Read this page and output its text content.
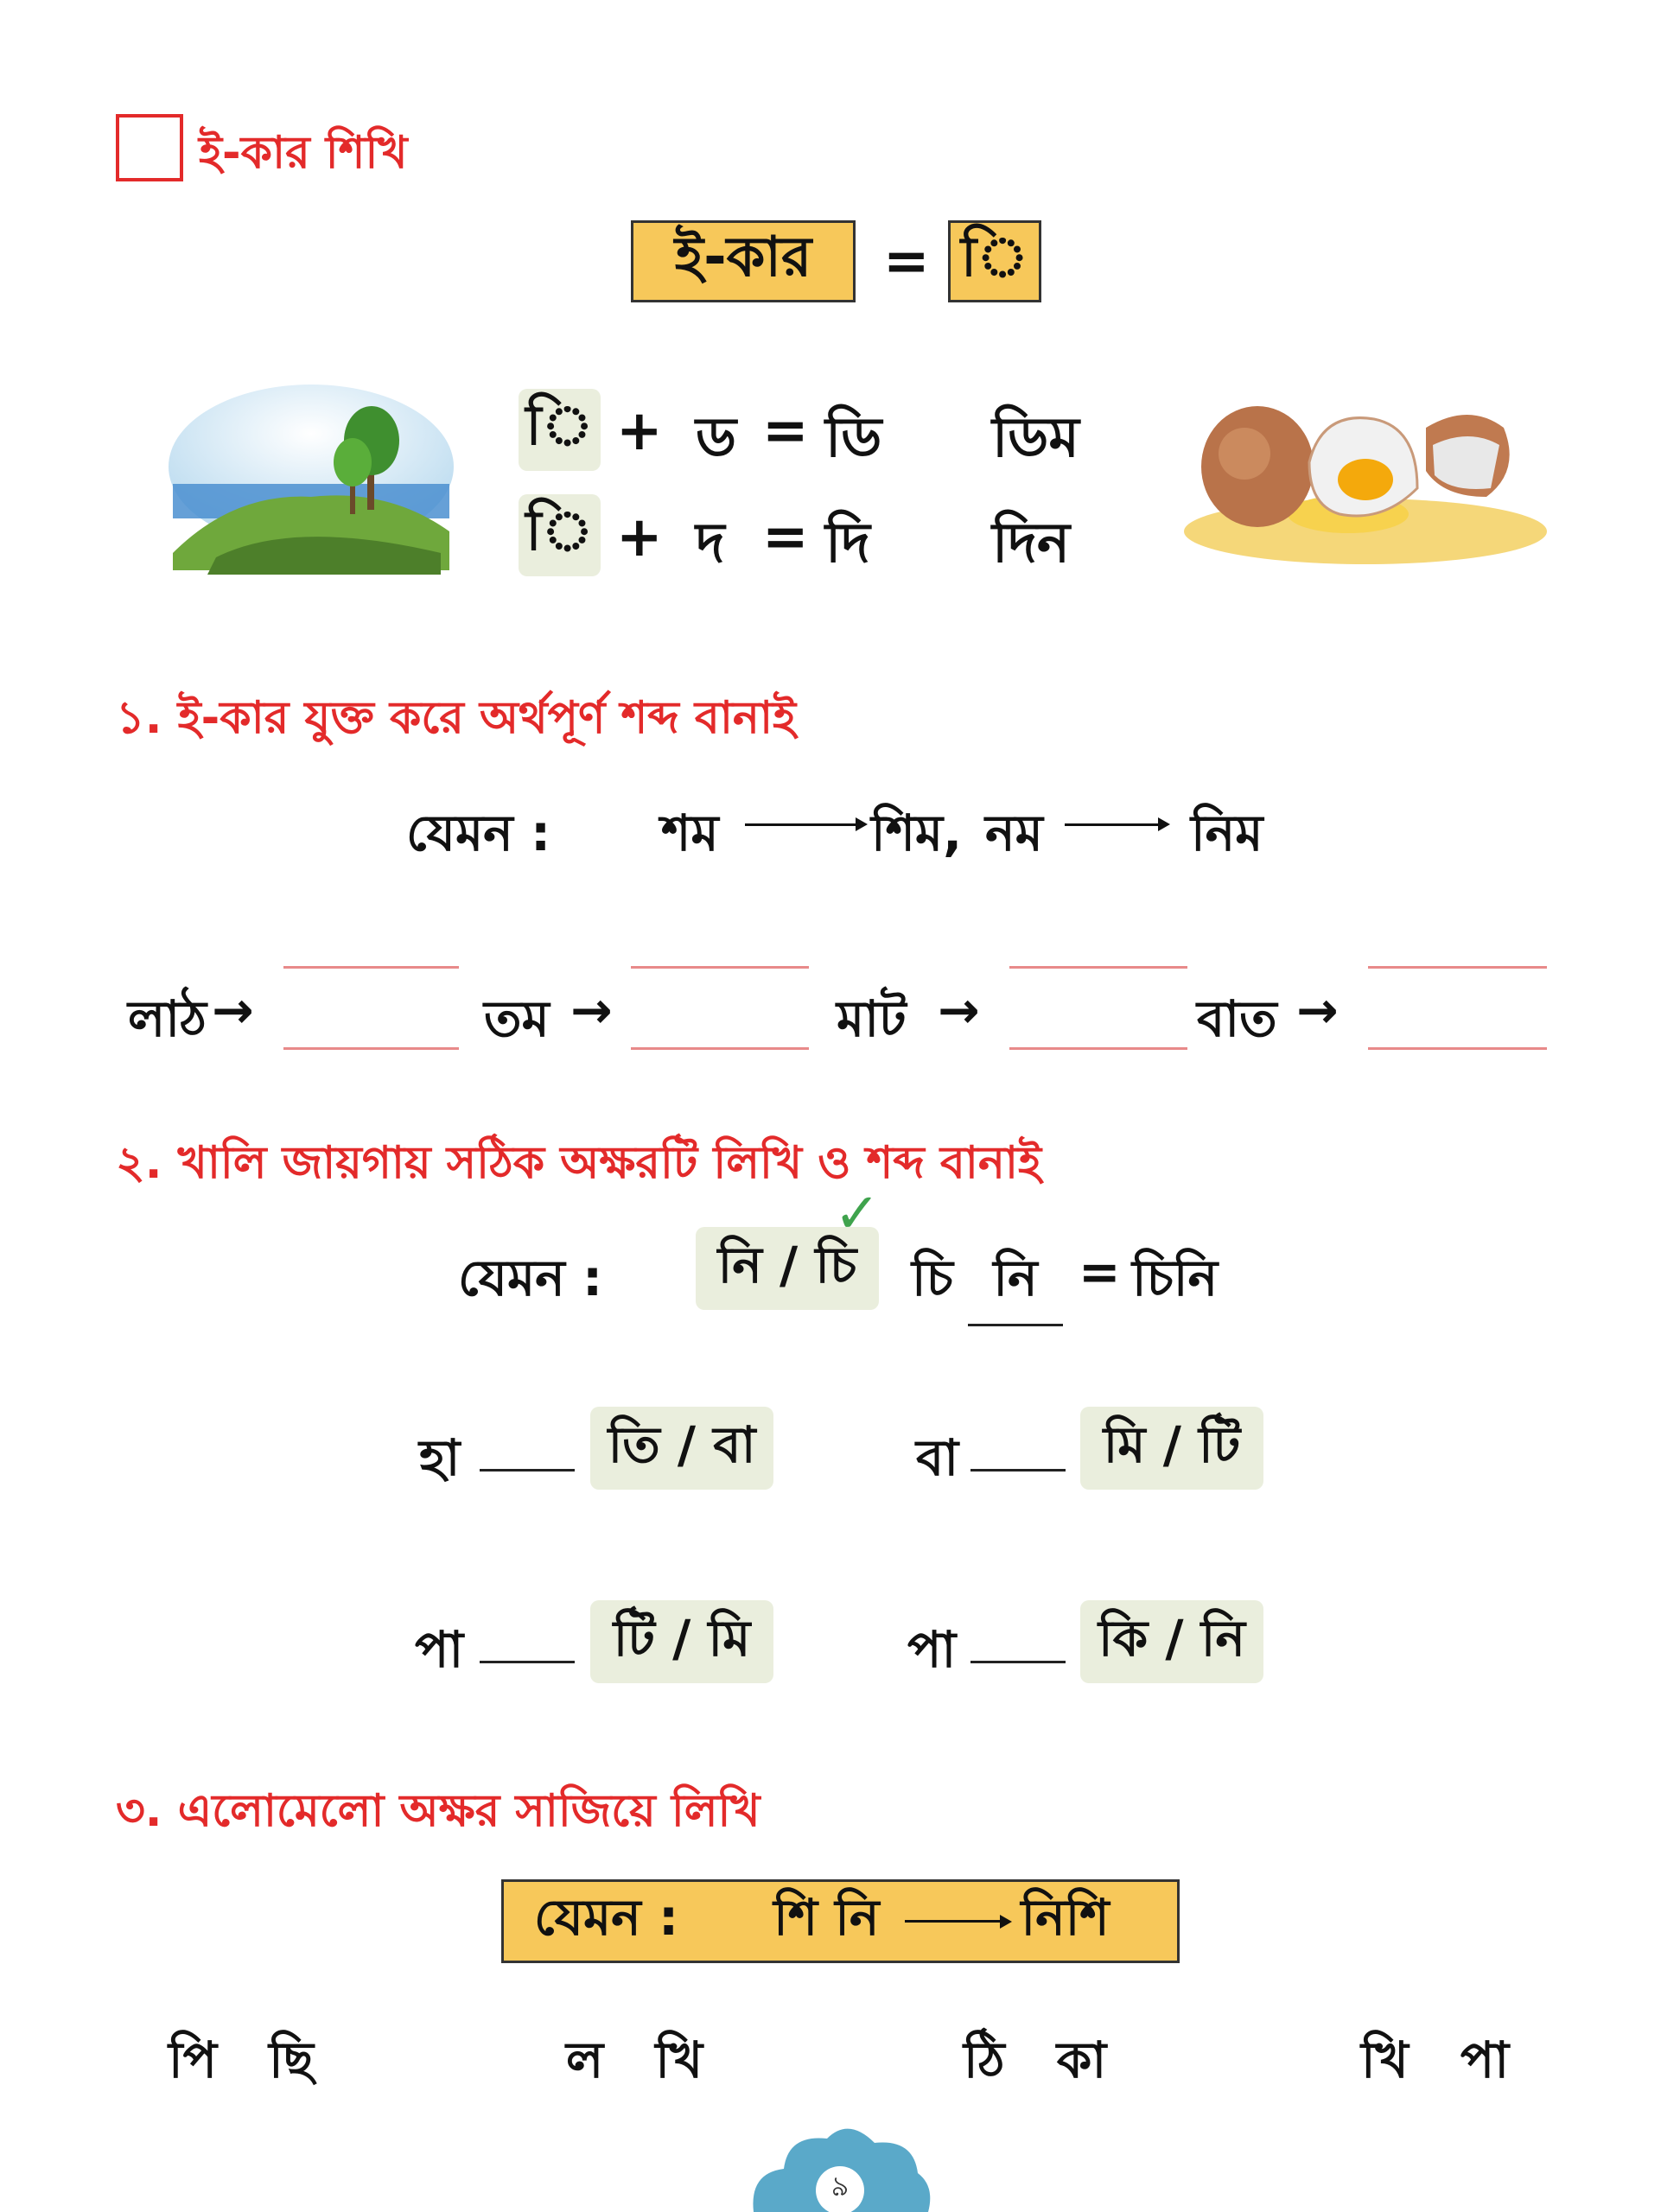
ই-কার শিখি
ই-কার = ি
ি + ড = ডি ডিম
ি + দ = দি দিন
১. ই-কার যুক্ত করে অর্থপূর্ণ শব্দ বানাই
যেমন : শম	শিম, নম	নিম
লাঠ →	তম →	মাট →	বাত →
২. খালি জায়গায় সঠিক অক্ষরটি লিখি ও শব্দ বানাই
যেমন : নি / চি
✓
চি নি = চিনি
হা	তি / বা	বা	মি / টি
পা	টি / মি	পা	কি / নি
৩. এলোমেলো অক্ষর সাজিয়ে লিখি
যেমন : শি নি	নিশি
পি ছি	ল খি	ঠি কা	খি পা
৯
